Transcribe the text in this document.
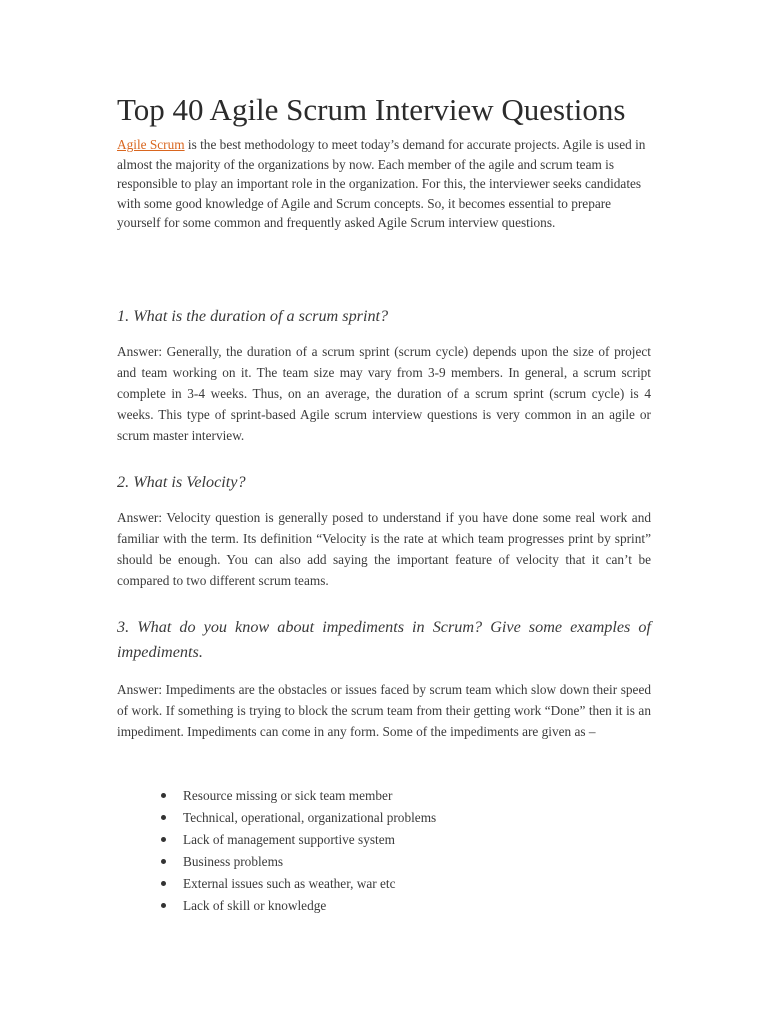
Top 40 Agile Scrum Interview Questions

Agile Scrum is the best methodology to meet today’s demand for accurate projects. Agile is used in almost the majority of the organizations by now. Each member of the agile and scrum team is responsible to play an important role in the organization. For this, the interviewer seeks candidates with some good knowledge of Agile and Scrum concepts. So, it becomes essential to prepare yourself for some common and frequently asked Agile Scrum interview questions.

1. What is the duration of a scrum sprint?

Answer: Generally, the duration of a scrum sprint (scrum cycle) depends upon the size of project and team working on it. The team size may vary from 3-9 members. In general, a scrum script complete in 3-4 weeks. Thus, on an average, the duration of a scrum sprint (scrum cycle) is 4 weeks. This type of sprint-based Agile scrum interview questions is very common in an agile or scrum master interview.

2. What is Velocity?

Answer: Velocity question is generally posed to understand if you have done some real work and familiar with the term. Its definition “Velocity is the rate at which team progresses print by sprint” should be enough. You can also add saying the important feature of velocity that it can’t be compared to two different scrum teams.

3. What do you know about impediments in Scrum? Give some examples of impediments.

Answer: Impediments are the obstacles or issues faced by scrum team which slow down their speed of work. If something is trying to block the scrum team from their getting work “Done” then it is an impediment. Impediments can come in any form. Some of the impediments are given as –

Resource missing or sick team member
Technical, operational, organizational problems
Lack of management supportive system
Business problems
External issues such as weather, war etc
Lack of skill or knowledge
